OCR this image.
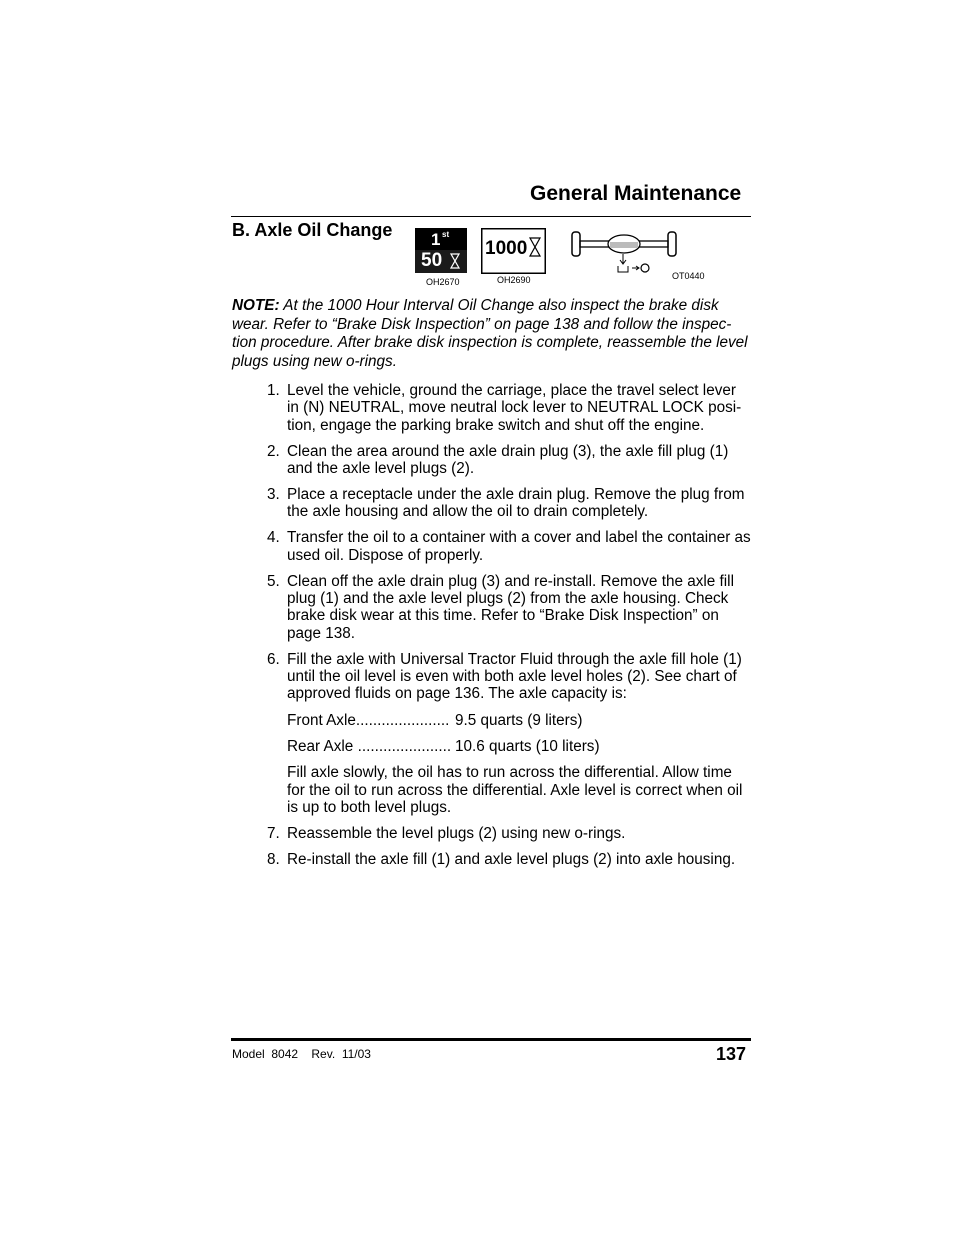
General Maintenance
B. Axle Oil Change 1 st
50
OH2670
1000
OH2690	OT0440
NOTE: At the 1000 Hour Interval Oil Change also inspect the brake disk wear. Refer to “Brake Disk Inspection” on page 138 and follow the inspec-tion procedure. After brake disk inspection is complete, reassemble the level plugs using new o-rings.
1. Level the vehicle, ground the carriage, place the travel select lever in (N) NEUTRAL, move neutral lock lever to NEUTRAL LOCK posi-tion, engage the parking brake switch and shut off the engine.
2. Clean the area around the axle drain plug (3), the axle fill plug (1) and the axle level plugs (2).
3. Place a receptacle under the axle drain plug. Remove the plug from the axle housing and allow the oil to drain completely.
4. Transfer the oil to a container with a cover and label the container as used oil. Dispose of properly.
5. Clean off the axle drain plug (3) and re-install. Remove the axle fill plug (1) and the axle level plugs (2) from the axle housing. Check brake disk wear at this time. Refer to “Brake Disk Inspection” on page 138.
6. Fill the axle with Universal Tractor Fluid through the axle fill hole (1) until the oil level is even with both axle level holes (2). See chart of approved fluids on page 136. The axle capacity is:
Front Axle...................... 9.5 quarts (9 liters)
Rear Axle ...................... 10.6 quarts (10 liters)
Fill axle slowly, the oil has to run across the differential. Allow time for the oil to run across the differential. Axle level is correct when oil is up to both level plugs.
7. Reassemble the level plugs (2) using new o-rings.
8. Re-install the axle fill (1) and axle level plugs (2) into axle housing.
Model  8042    Rev.  11/03	137
